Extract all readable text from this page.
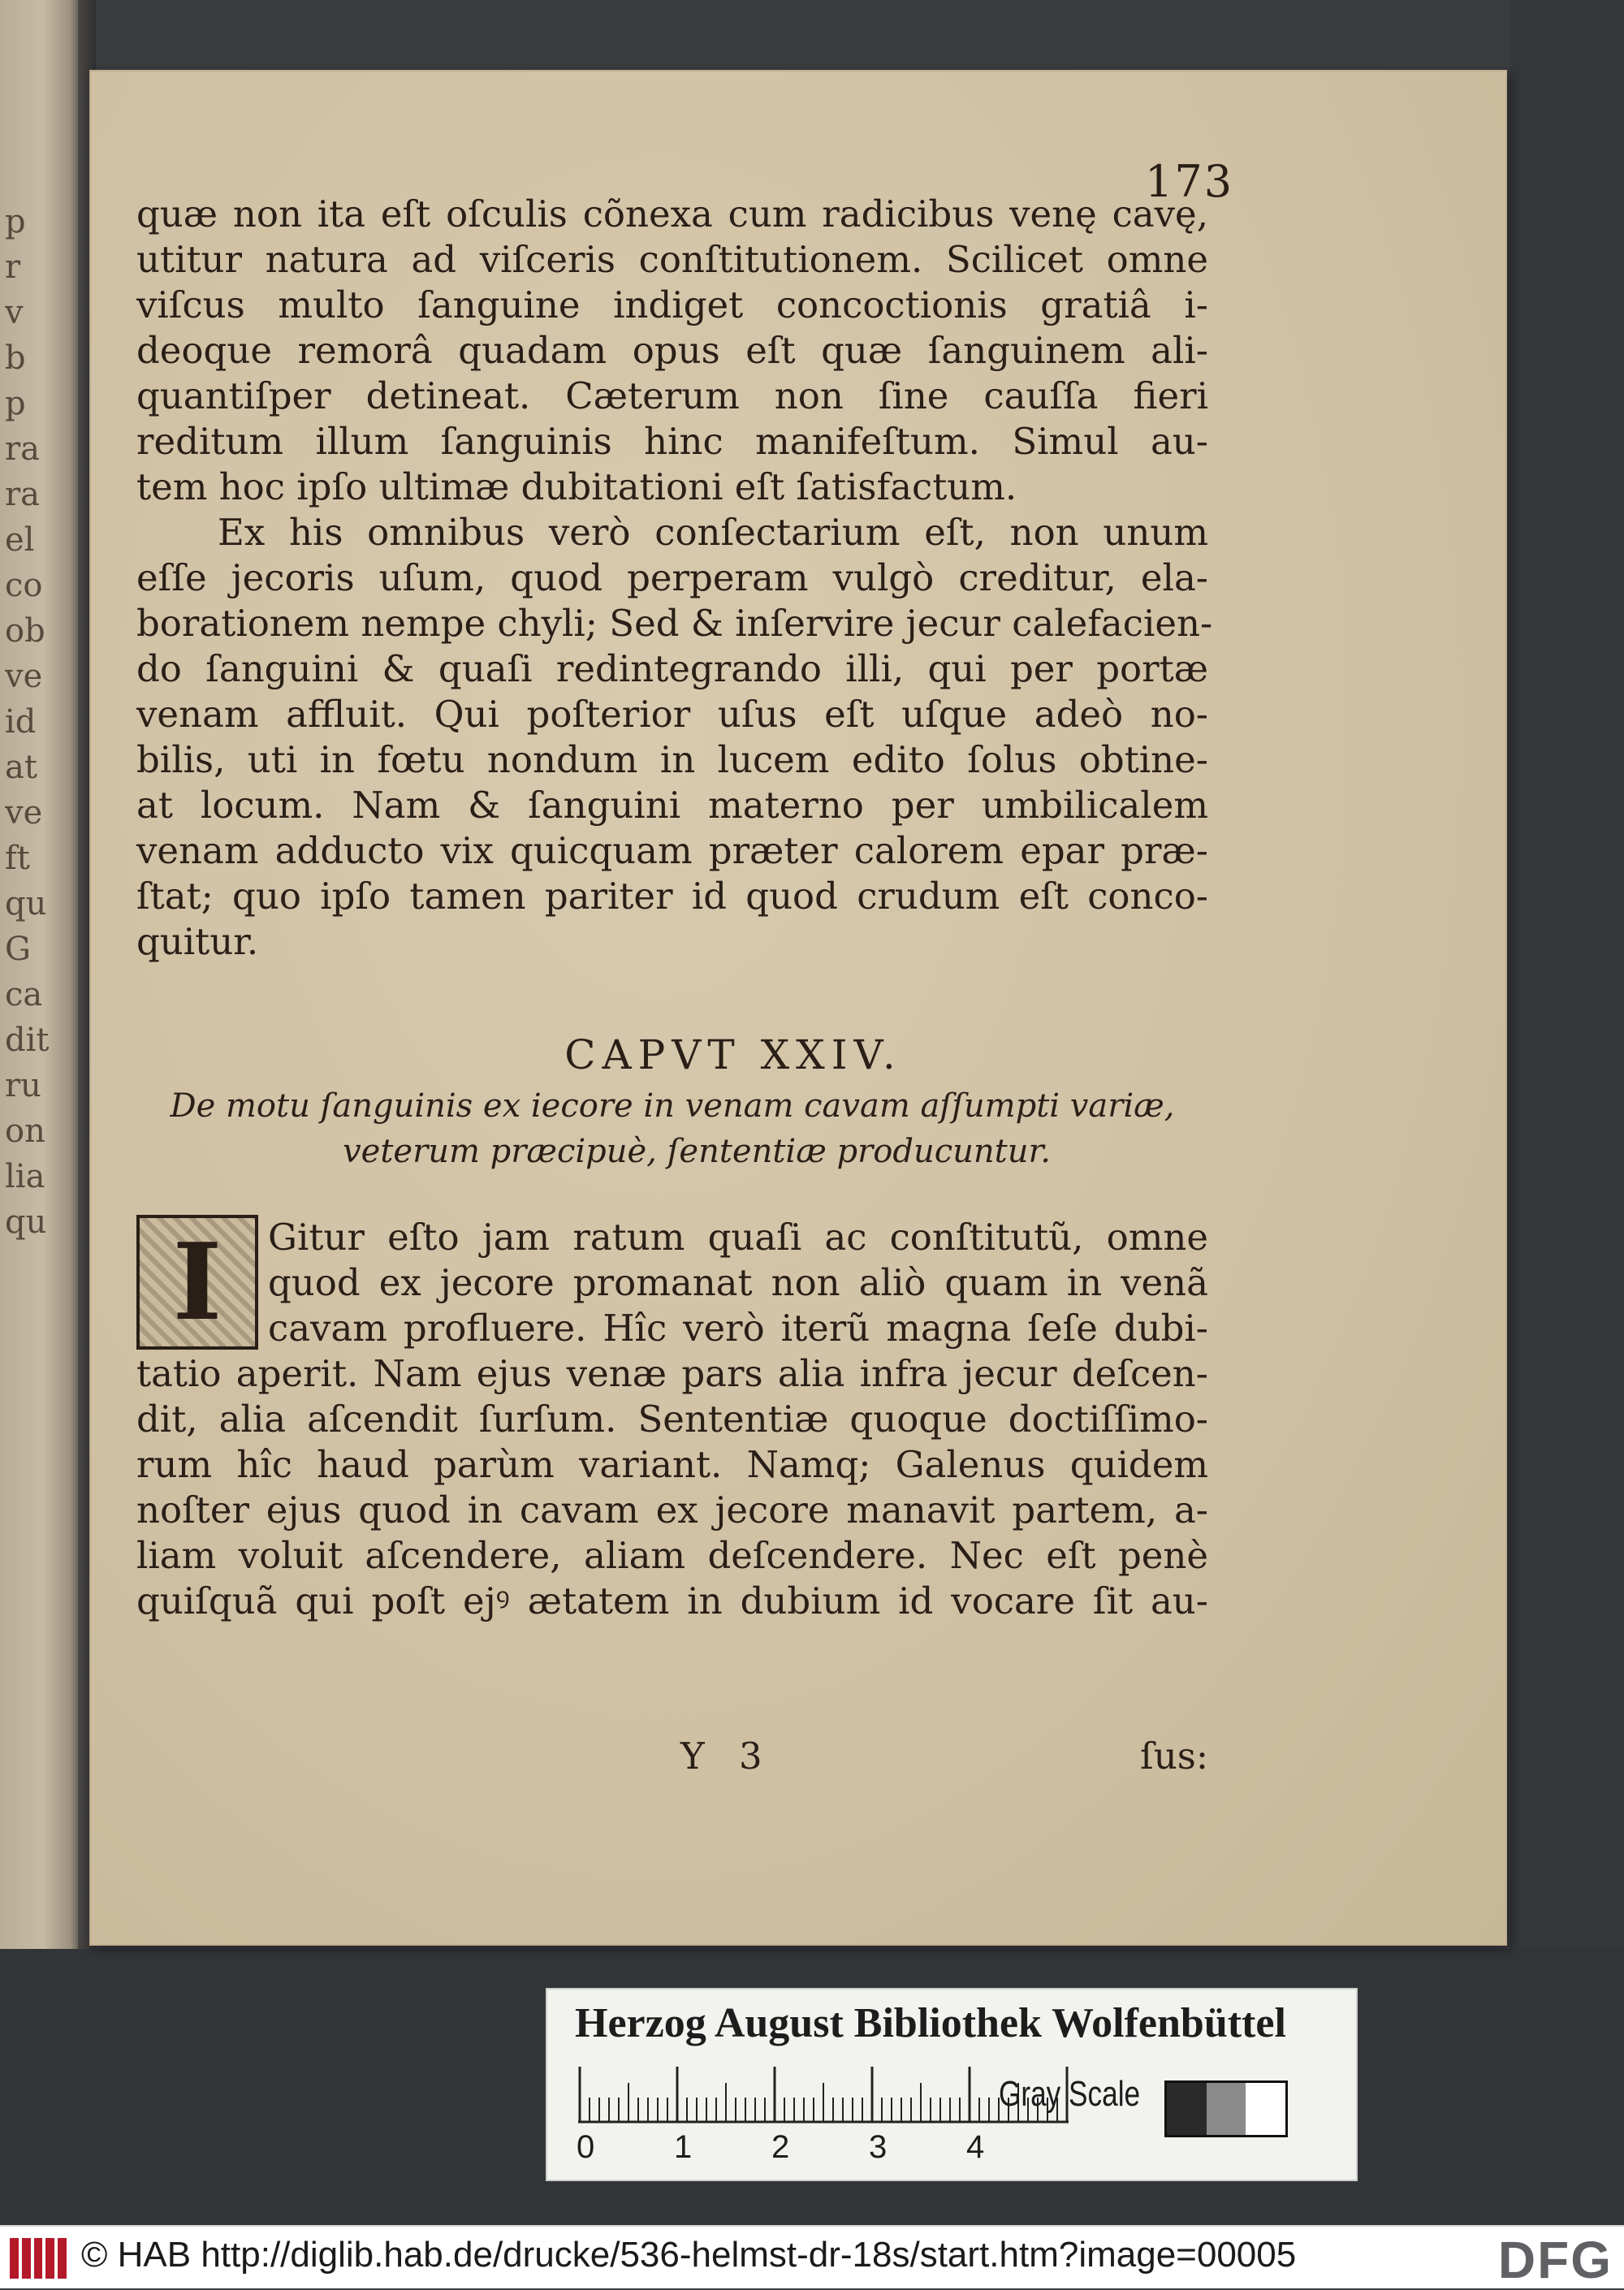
p
r
v
b
p
ra
ra
el
co
ob
ve
id
at
ve
ft
qu
G
ca
dit
ru
on
lia
qu

173
quæ non ita eſt oſculis cõnexa cum radicibus venę cavę,
utitur natura ad viſceris conſtitutionem. Scilicet omne
viſcus multo ſanguine indiget concoctionis gratiâ i-
deoque remorâ quadam opus eſt quæ ſanguinem ali-
quantiſper detineat. Cæterum non ſine cauſſa fieri
reditum illum ſanguinis hinc manifeſtum. Simul au-
tem hoc ipſo ultimæ dubitationi eſt ſatisfactum.
Ex his omnibus verò conſectarium eſt, non unum
eſſe jecoris uſum, quod perperam vulgò creditur, ela-
borationem nempe chyli; Sed & inſervire jecur calefacien-
do ſanguini & quaſi redintegrando illi, qui per portæ
venam affluit. Qui poſterior uſus eſt uſque adeò no-
bilis, uti in fœtu nondum in lucem edito ſolus obtine-
at locum. Nam & ſanguini materno per umbilicalem
venam adducto vix quicquam præter calorem epar præ-
ſtat; quo ipſo tamen pariter id quod crudum eſt conco-
quitur.
CAPVT XXIV.
De motu ſanguinis ex iecore in venam cavam aſſumpti variæ,
veterum præcipuè, ſententiæ producuntur.
I	Gitur eſto jam ratum quaſi ac conſtitutũ, omne
quod ex jecore promanat non aliò quam in venã
cavam profluere. Hîc verò iterũ magna ſeſe dubi-
tatio aperit. Nam ejus venæ pars alia infra jecur deſcen-
dit, alia aſcendit ſurſum. Sententiæ quoque doctiſſimo-
rum hîc haud parùm variant. Namq; Galenus quidem
noſter ejus quod in cavam ex jecore manavit partem, a-
liam voluit aſcendere, aliam deſcendere. Nec eſt penè
quiſquã qui poſt ejꝰ ætatem in dubium id vocare ſit au-
Y 3	ſus:
Herzog August Bibliothek Wolfenbüttel
0 1 2 3 4
Gray Scale
© HAB http://diglib.hab.de/drucke/536-helmst-dr-18s/start.htm?image=00005	DFG
